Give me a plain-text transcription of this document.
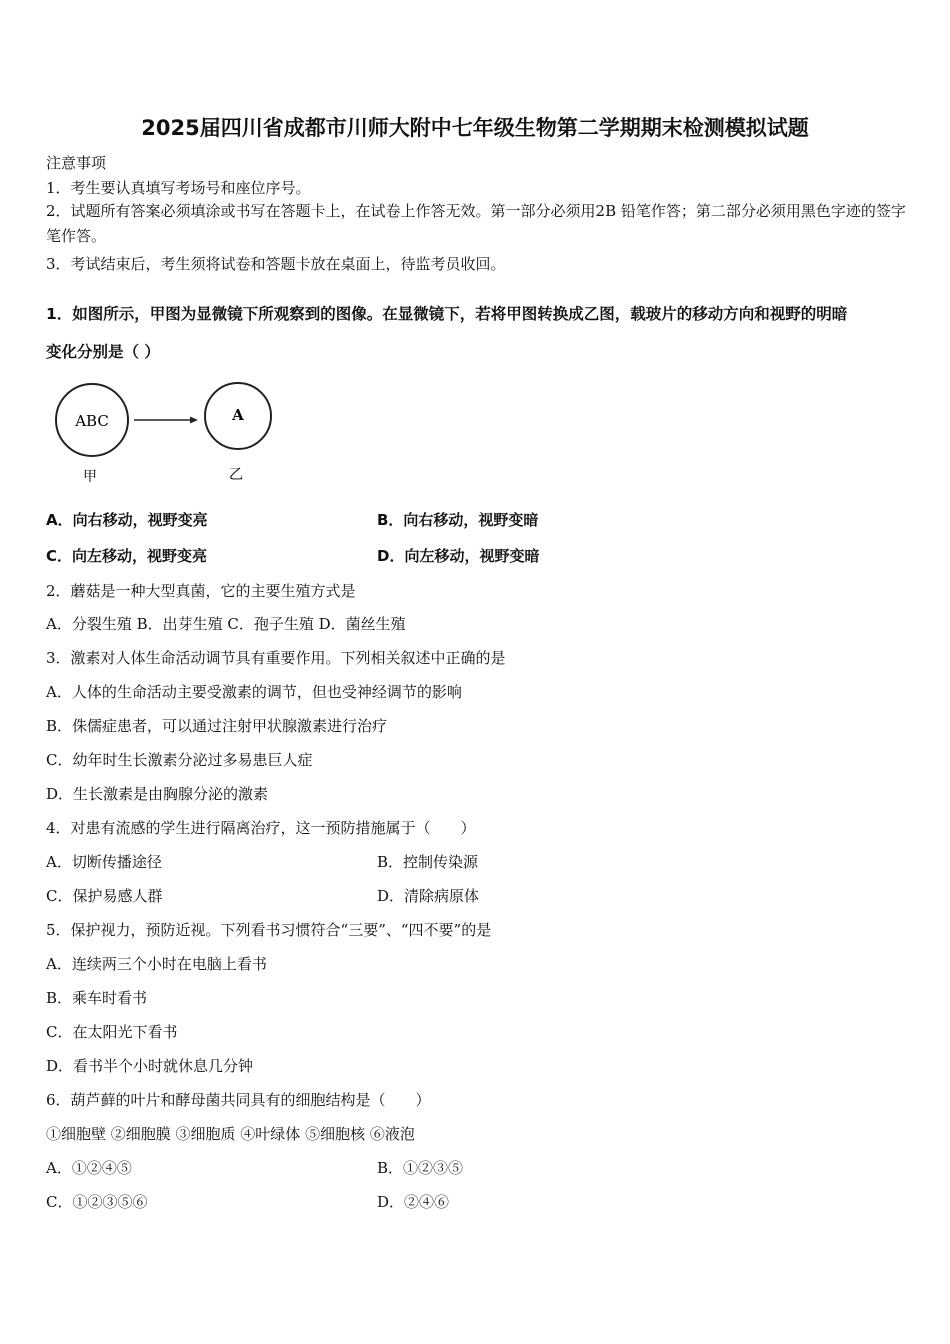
2025届四川省成都市川师大附中七年级生物第二学期期末检测模拟试题
注意事项
1．考生要认真填写考场号和座位序号。
2．试题所有答案必须填涂或书写在答题卡上，在试卷上作答无效。第一部分必须用2B 铅笔作答；第二部分必须用黑色字迹的签字笔作答。
3．考试结束后，考生须将试卷和答题卡放在桌面上，待监考员收回。
1．如图所示，甲图为显微镜下所观察到的图像。在显微镜下，若将甲图转换成乙图，载玻片的移动方向和视野的明暗
变化分别是（ ）
ABC	A
甲	乙
A．向右移动，视野变亮	B．向右移动，视野变暗
C．向左移动，视野变亮	D．向左移动，视野变暗
2．蘑菇是一种大型真菌，它的主要生殖方式是
A．分裂生殖 B．出芽生殖 C．孢子生殖 D．菌丝生殖
3．激素对人体生命活动调节具有重要作用。下列相关叙述中正确的是
A．人体的生命活动主要受激素的调节，但也受神经调节的影响
B．侏儒症患者，可以通过注射甲状腺激素进行治疗
C．幼年时生长激素分泌过多易患巨人症
D．生长激素是由胸腺分泌的激素
4．对患有流感的学生进行隔离治疗，这一预防措施属于（　　）
A．切断传播途径	B．控制传染源
C．保护易感人群	D．清除病原体
5．保护视力，预防近视。下列看书习惯符合“三要”、“四不要”的是
A．连续两三个小时在电脑上看书
B．乘车时看书
C．在太阳光下看书
D．看书半个小时就休息几分钟
6．葫芦藓的叶片和酵母菌共同具有的细胞结构是（　　）
①细胞壁 ②细胞膜 ③细胞质 ④叶绿体 ⑤细胞核 ⑥液泡
A．①②④⑤	B．①②③⑤
C．①②③⑤⑥	D．②④⑥
